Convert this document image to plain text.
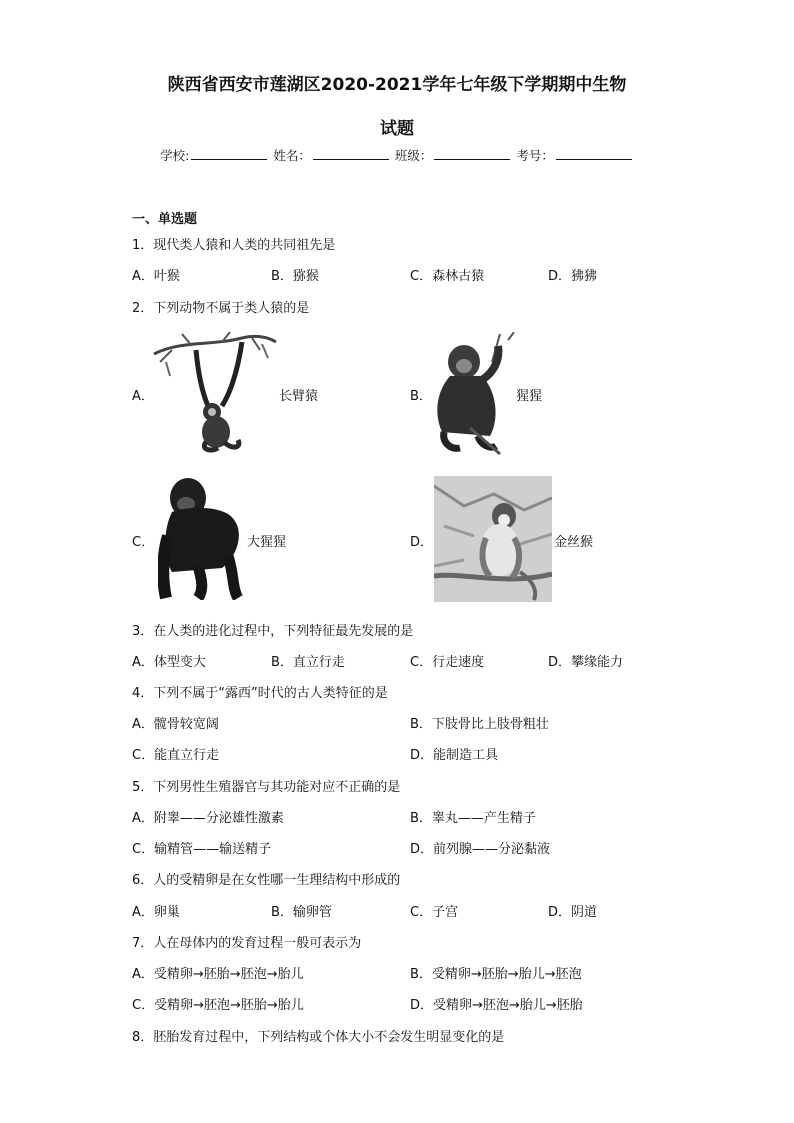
陕西省西安市莲湖区2020-2021学年七年级下学期期中生物
试题
学校:	姓名：	班级：	考号：
一、单选题
1．现代类人猿和人类的共同祖先是
A．叶猴	B．猕猴	C．森林古猿	D．狒狒
2．下列动物不属于类人猿的是
A．	长臂猿	B．	猩猩
C．	大猩猩	D．	金丝猴
3．在人类的进化过程中，下列特征最先发展的是
A．体型变大	B．直立行走	C．行走速度	D．攀缘能力
4．下列不属于“露西”时代的古人类特征的是
A．髋骨较宽阔	B．下肢骨比上肢骨粗壮
C．能直立行走	D．能制造工具
5．下列男性生殖器官与其功能对应不正确的是
A．附睾——分泌雄性激素	B．睾丸——产生精子
C．输精管——输送精子	D．前列腺——分泌黏液
6．人的受精卵是在女性哪一生理结构中形成的
A．卵巢	B．输卵管	C．子宫	D．阴道
7．人在母体内的发育过程一般可表示为
A．受精卵→胚胎→胚泡→胎儿	B．受精卵→胚胎→胎儿→胚泡
C．受精卵→胚泡→胚胎→胎儿	D．受精卵→胚泡→胎儿→胚胎
8．胚胎发育过程中，下列结构或个体大小不会发生明显变化的是
